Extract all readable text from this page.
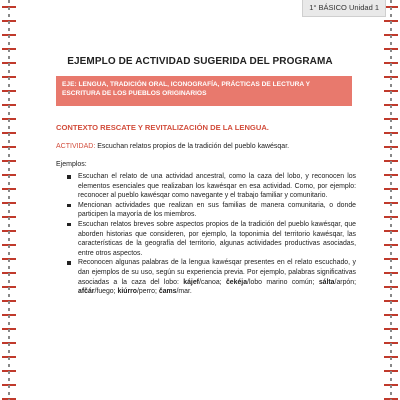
1° BÁSICO Unidad 1
EJEMPLO DE ACTIVIDAD SUGERIDA DEL PROGRAMA
EJE: LENGUA, TRADICIÓN ORAL, ICONOGRAFÍA, PRÁCTICAS DE LECTURA Y ESCRITURA DE LOS PUEBLOS ORIGINARIOS
CONTEXTO RESCATE Y REVITALIZACIÓN DE LA LENGUA.
ACTIVIDAD: Escuchan relatos propios de la tradición del pueblo kawésqar.
Ejemplos:
Escuchan el relato de una actividad ancestral, como la caza del lobo, y reconocen los elementos esenciales que realizaban los kawésqar en esa actividad. Como, por ejemplo: reconocer al pueblo kawésqar como navegante y el trabajo familiar y comunitario.
Mencionan actividades que realizan en sus familias de manera comunitaria, o donde participen la mayoría de los miembros.
Escuchan relatos breves sobre aspectos propios de la tradición del pueblo kawésqar, que aborden historias que consideren, por ejemplo, la toponimia del territorio kawésqar, las características de la geografía del territorio, algunas actividades productivas asociadas, entre otros aspectos.
Reconocen algunas palabras de la lengua kawésqar presentes en el relato escuchado, y dan ejemplos de su uso, según su experiencia previa. Por ejemplo, palabras significativas asociadas a la caza del lobo: kájef/canoa; čekéja/lobo marino común; sálta/arpón; afčár/fuego; kiúrro/perro; čams/mar.
